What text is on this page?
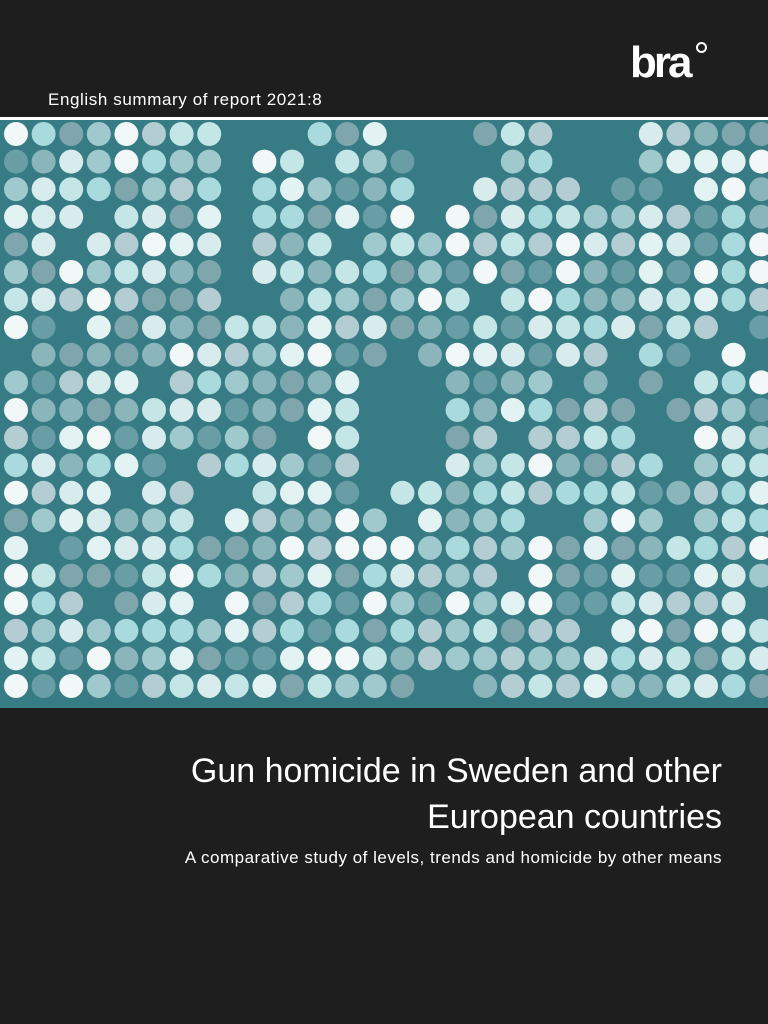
English summary of report 2021:8
bra
Gun homicide in Sweden and other
European countries
A comparative study of levels, trends and homicide by other means
